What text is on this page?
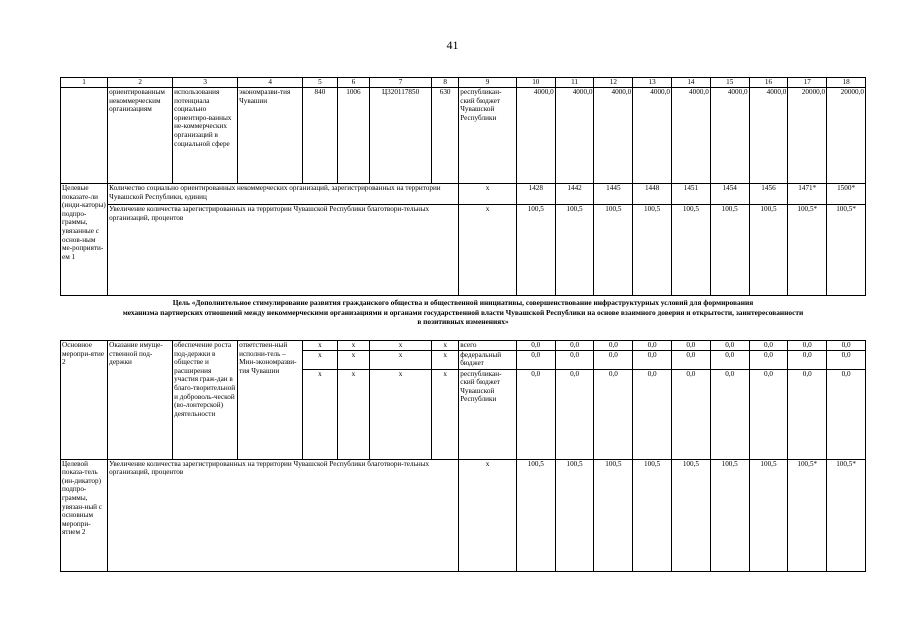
41
1	2	3	4	5	6	7	8	9	10	11	12	13	14	15	16	17	18
	ориентированным некоммерческим организациям	использования потенциала социально ориентиро-ванных не-коммерческих организаций в социальной сфере	экономразви-тия Чувашии	840	1006	Ц320117850	630	республикан-ский бюджет Чувашской Республики	4000,0	4000,0	4000,0	4000,0	4000,0	4000,0	4000,0	20000,0	20000,0
Целевые показате-ли (инди-каторы) подпро-граммы, увязанные с основ-ным ме-роприяти-ем 1	Количество социально ориентированных некоммерческих организаций, зарегистрированных на территории Чувашской Республики, единиц							x	1428	1442	1445	1448	1451	1454	1456	1471*	1500*
	Увеличение количества зарегистрированных на территории Чувашской Республики благотвори-тельных организаций, процентов							x	100,5	100,5	100,5	100,5	100,5	100,5	100,5	100,5*	100,5*
Цель «Дополнительное стимулирование развития гражданского общества и общественной инициативы, совершенствование инфраструктурных условий для формирования
механизма партнерских отношений между некоммерческими организациями и органами государственной власти Чувашской Республики на основе взаимного доверия и открытости, заинтересованности
в позитивных изменениях»
Основное меропри-ятие 2	Оказание имуще-ственной под-держки	обеспечение роста под-держки в обществе и расширения участия граж-дан в благо-творительной и доброволь-ческой (во-лонтерской) деятельности	ответствен-ный исполни-тель – Мин-экономразви-тия Чувашии	x	x	x	x	всего	0,0	0,0	0,0	0,0	0,0	0,0	0,0	0,0	0,0
				x	x	x	x	федеральный бюджет	0,0	0,0	0,0	0,0	0,0	0,0	0,0	0,0	0,0
				x	x	x	x	республикан-ский бюджет Чувашской Республики	0,0	0,0	0,0	0,0	0,0	0,0	0,0	0,0	0,0
Целевой показа-тель (ин-дикатор) подпро-граммы, увязан-ный с основным меропри-ятием 2	Увеличение количества зарегистрированных на территории Чувашской Республики благотвори-тельных организаций, процентов							x	100,5	100,5	100,5	100,5	100,5	100,5	100,5	100,5*	100,5*
